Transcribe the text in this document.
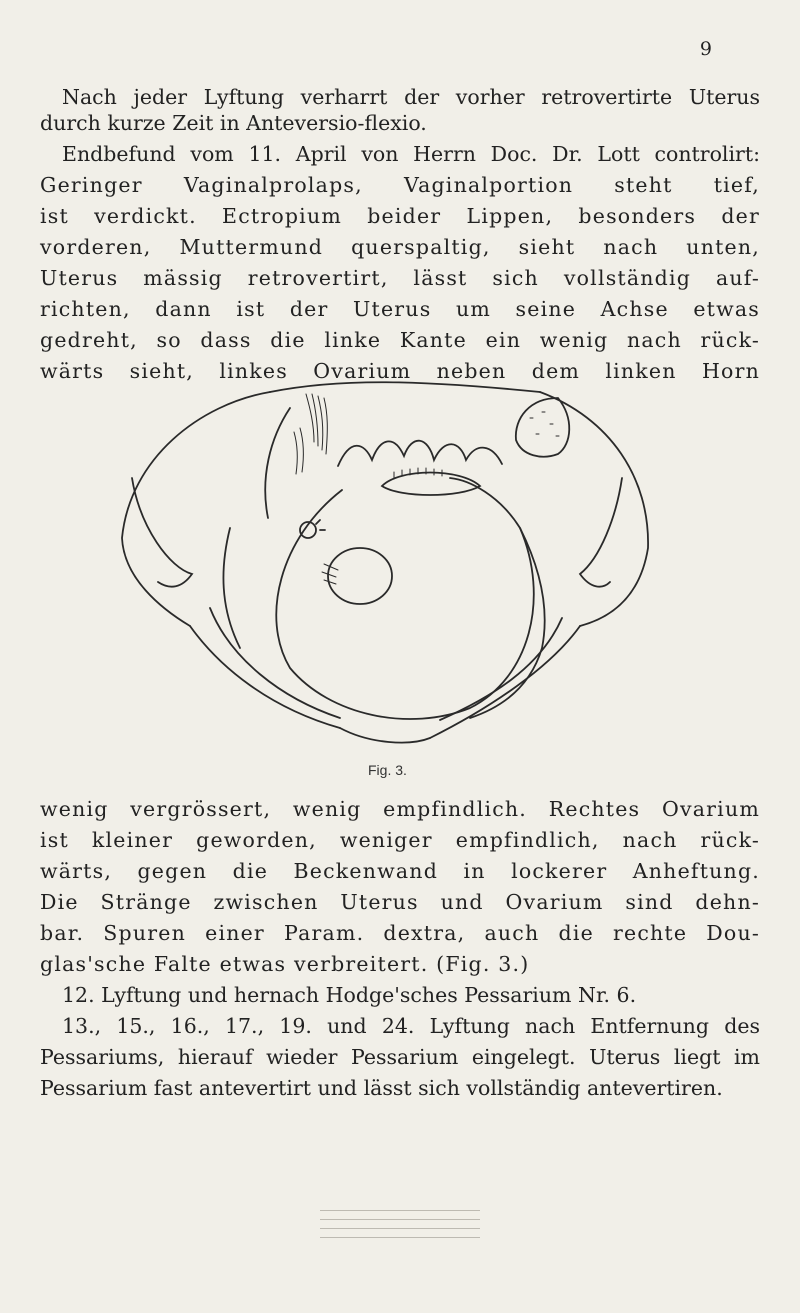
9
Nach jeder Lyftung verharrt der vorher retrovertirte Uterus
durch kurze Zeit in Anteversio-flexio.
Endbefund vom 11. April von Herrn Doc. Dr. Lott controlirt:
Geringer Vaginalprolaps, Vaginalportion steht tief,
ist verdickt. Ectropium beider Lippen, besonders der
vorderen, Muttermund querspaltig, sieht nach unten,
Uterus mässig retrovertirt, lässt sich vollständig auf-
richten, dann ist der Uterus um seine Achse etwas
gedreht, so dass die linke Kante ein wenig nach rück-
wärts sieht, linkes Ovarium neben dem linken Horn
Fig. 3.
wenig vergrössert, wenig empfindlich. Rechtes Ovarium
ist kleiner geworden, weniger empfindlich, nach rück-
wärts, gegen die Beckenwand in lockerer Anheftung.
Die Stränge zwischen Uterus und Ovarium sind dehn-
bar. Spuren einer Param. dextra, auch die rechte Dou-
glas'sche Falte etwas verbreitert. (Fig. 3.)
12. Lyftung und hernach Hodge'sches Pessarium Nr. 6.
13., 15., 16., 17., 19. und 24. Lyftung nach Entfernung des
Pessariums, hierauf wieder Pessarium eingelegt. Uterus liegt im
Pessarium fast antevertirt und lässt sich vollständig antevertiren.
